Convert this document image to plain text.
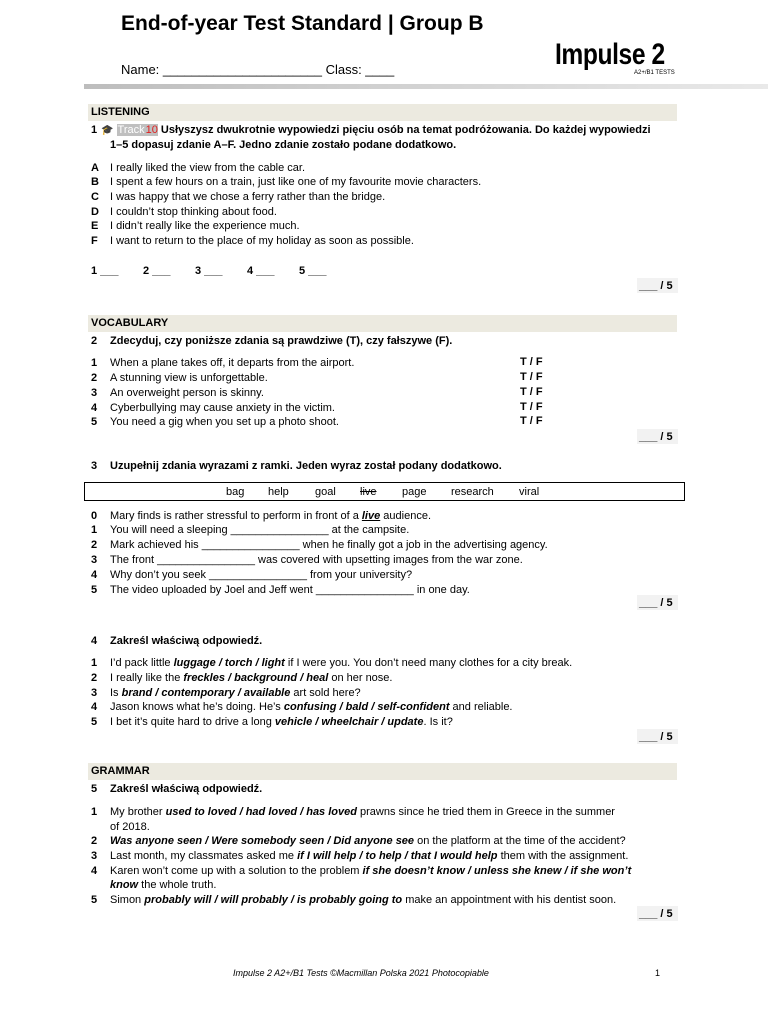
End-of-year Test Standard | Group B
Name: ______________________ Class: ____	Impulse 2
A2+/B1 TESTS
LISTENING
1 🎓 Track10 Usłyszysz dwukrotnie wypowiedzi pięciu osób na temat podróżowania. Do każdej wypowiedzi
1–5 dopasuj zdanie A–F. Jedno zdanie zostało podane dodatkowo.
A I really liked the view from the cable car.
B I spent a few hours on a train, just like one of my favourite movie characters.
C I was happy that we chose a ferry rather than the bridge.
D I couldn’t stop thinking about food.
E I didn’t really like the experience much.
F I want to return to the place of my holiday as soon as possible.
1 ___ 2 ___ 3 ___ 4 ___ 5 ___
___ / 5
VOCABULARY
2 Zdecyduj, czy poniższe zdania są prawdziwe (T), czy fałszywe (F).
1 When a plane takes off, it departs from the airport.	T / F
2 A stunning view is unforgettable.	T / F
3 An overweight person is skinny.	T / F
4 Cyberbullying may cause anxiety in the victim.	T / F
5 You need a gig when you set up a photo shoot.	T / F
___ / 5
3 Uzupełnij zdania wyrazami z ramki. Jeden wyraz został podany dodatkowo.
bag help goal live page research viral
0 Mary finds is rather stressful to perform in front of a live audience.
1 You will need a sleeping ________________ at the campsite.
2 Mark achieved his ________________ when he finally got a job in the advertising agency.
3 The front ________________ was covered with upsetting images from the war zone.
4 Why don’t you seek ________________ from your university?
5 The video uploaded by Joel and Jeff went ________________ in one day.
___ / 5
4 Zakreśl właściwą odpowiedź.
1 I’d pack little luggage / torch / light if I were you. You don’t need many clothes for a city break.
2 I really like the freckles / background / heal on her nose.
3 Is brand / contemporary / available art sold here?
4 Jason knows what he’s doing. He’s confusing / bald / self-confident and reliable.
5 I bet it’s quite hard to drive a long vehicle / wheelchair / update. Is it?
___ / 5
GRAMMAR
5 Zakreśl właściwą odpowiedź.
1 My brother used to loved / had loved / has loved prawns since he tried them in Greece in the summer
of 2018.
2 Was anyone seen / Were somebody seen / Did anyone see on the platform at the time of the accident?
3 Last month, my classmates asked me if I will help / to help / that I would help them with the assignment.
4 Karen won’t come up with a solution to the problem if she doesn’t know / unless she knew / if she won’t
know the whole truth.
5 Simon probably will / will probably / is probably going to make an appointment with his dentist soon.
___ / 5
Impulse 2 A2+/B1 Tests ©Macmillan Polska 2021 Photocopiable	1
